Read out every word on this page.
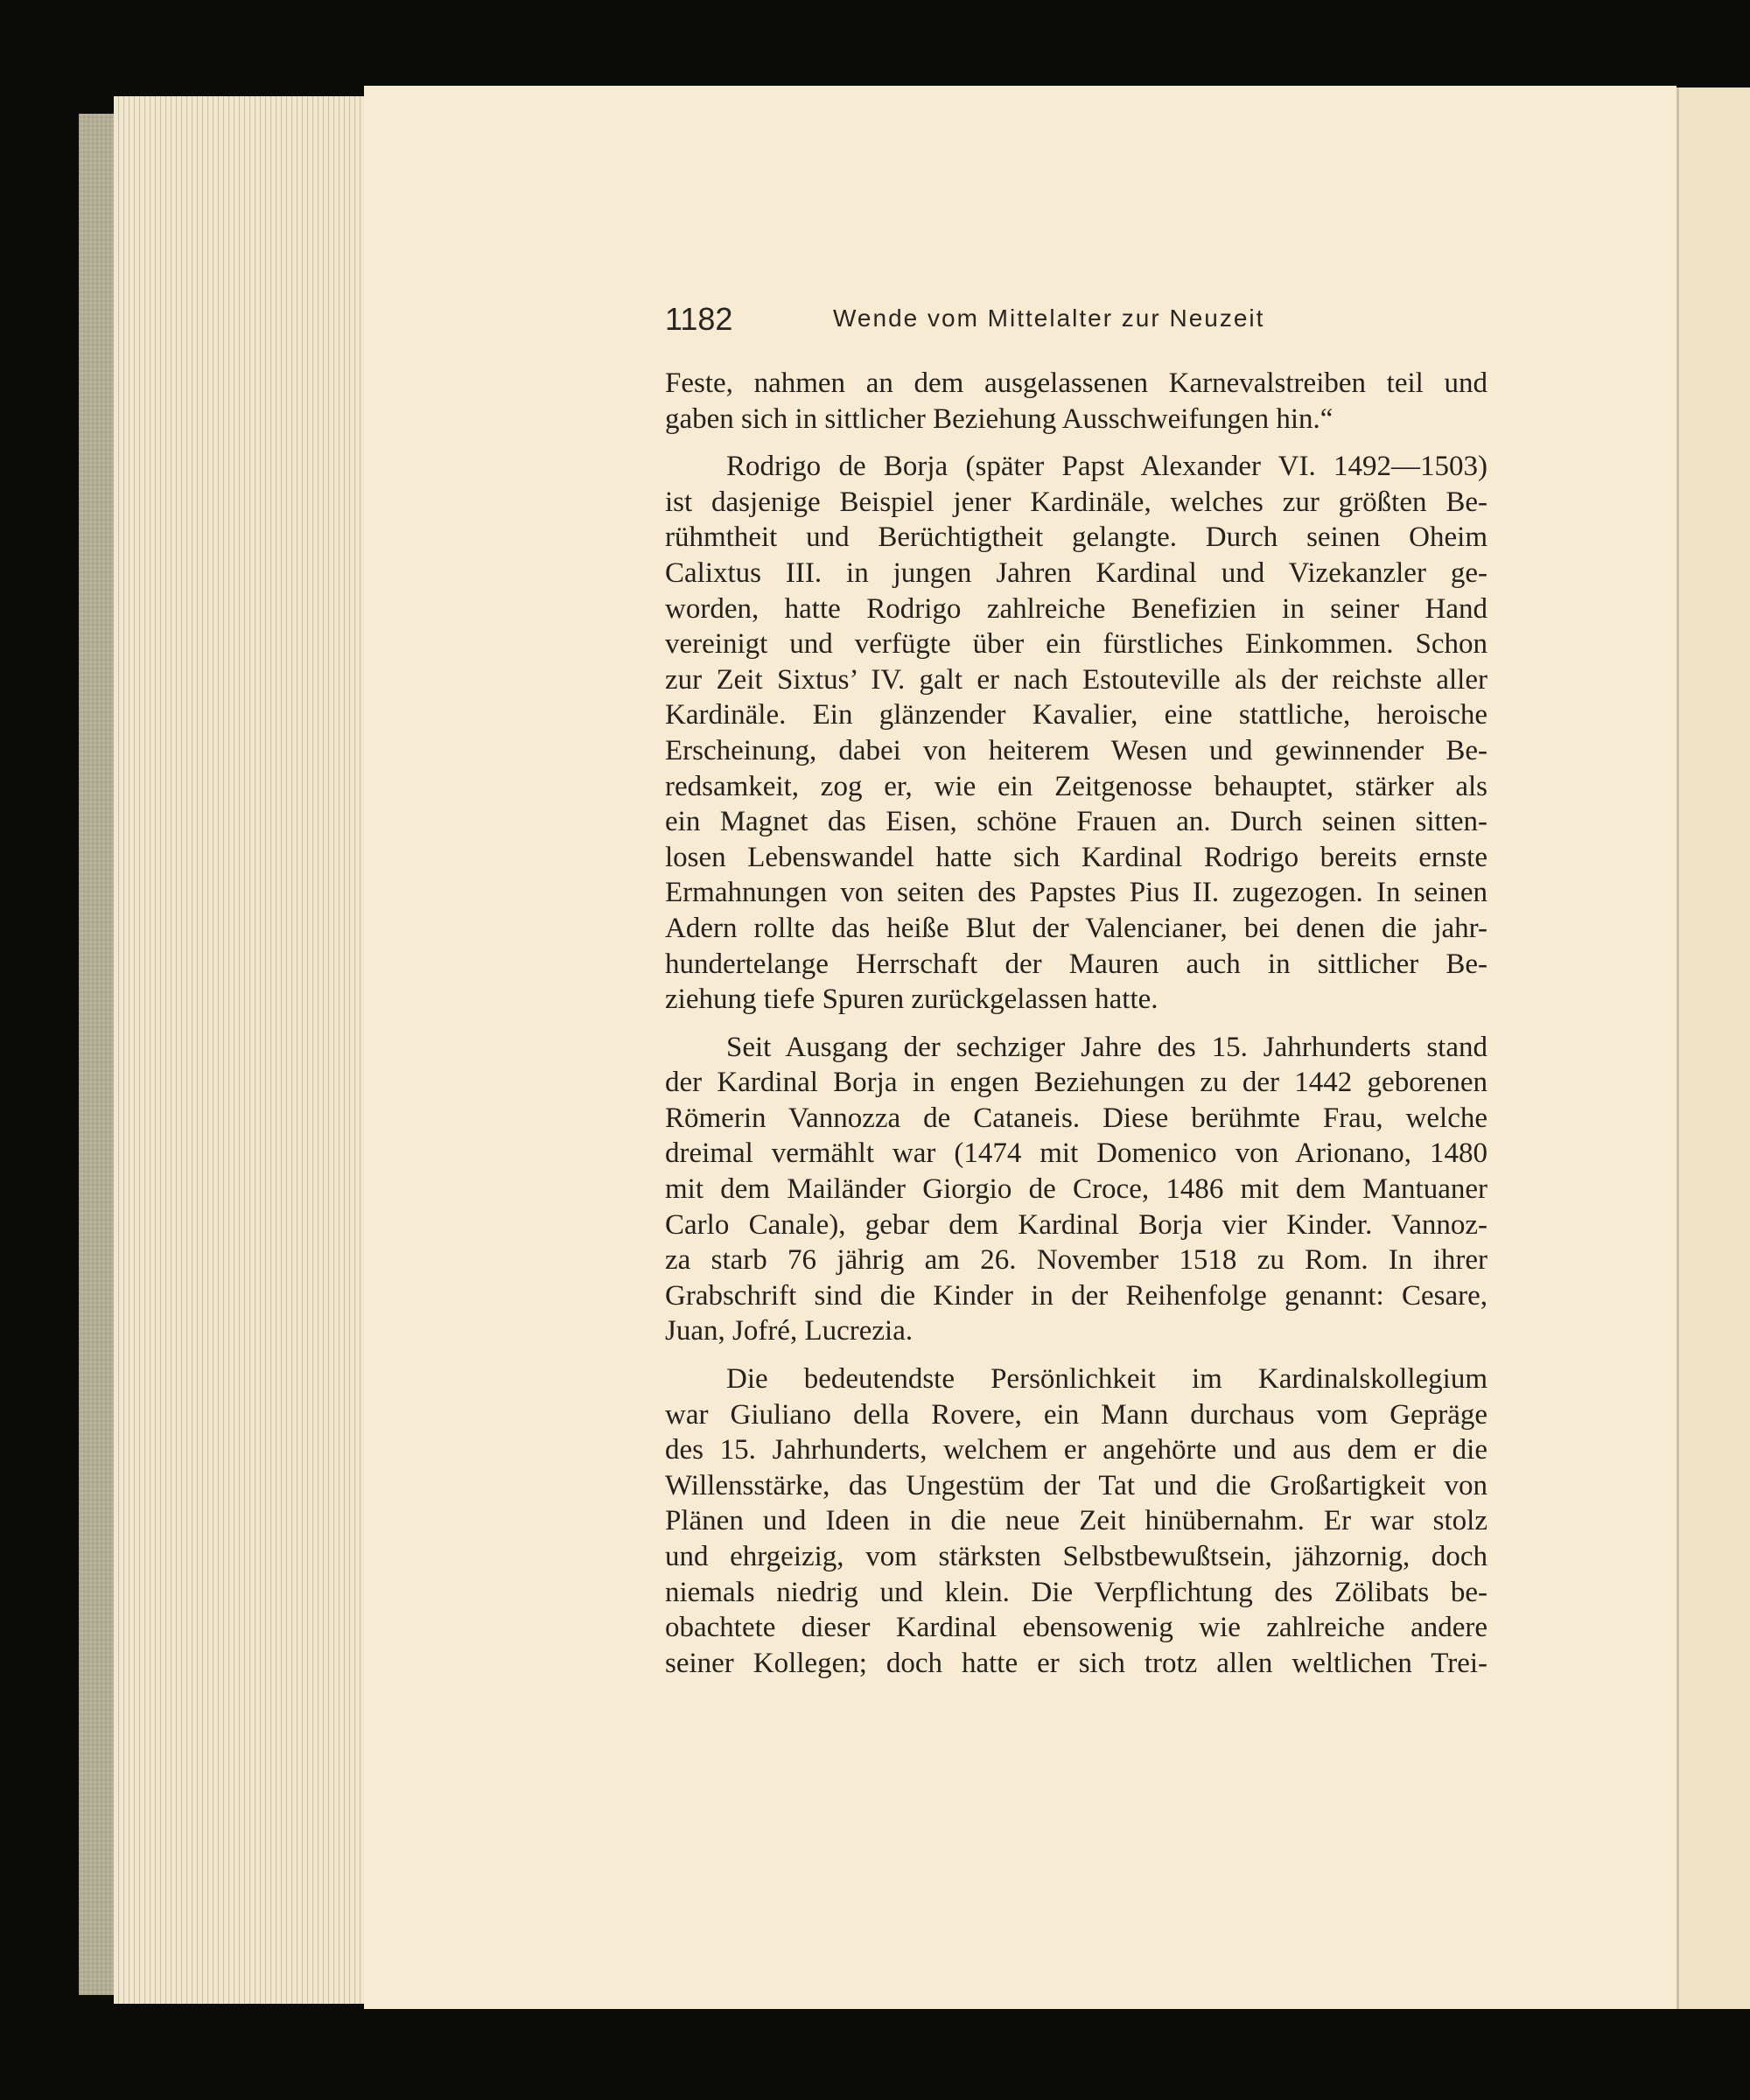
1182	Wende vom Mittelalter zur Neuzeit
Feste, nahmen an dem ausgelassenen Karnevalstreiben teil und
gaben sich in sittlicher Beziehung Ausschweifungen hin.“
Rodrigo de Borja (später Papst Alexander VI. 1492—1503)
ist dasjenige Beispiel jener Kardinäle, welches zur größten Be-
rühmtheit und Berüchtigtheit gelangte. Durch seinen Oheim
Calixtus III. in jungen Jahren Kardinal und Vizekanzler ge-
worden, hatte Rodrigo zahlreiche Benefizien in seiner Hand
vereinigt und verfügte über ein fürstliches Einkommen. Schon
zur Zeit Sixtus’ IV. galt er nach Estouteville als der reichste aller
Kardinäle. Ein glänzender Kavalier, eine stattliche, heroische
Erscheinung, dabei von heiterem Wesen und gewinnender Be-
redsamkeit, zog er, wie ein Zeitgenosse behauptet, stärker als
ein Magnet das Eisen, schöne Frauen an. Durch seinen sitten-
losen Lebenswandel hatte sich Kardinal Rodrigo bereits ernste
Ermahnungen von seiten des Papstes Pius II. zugezogen. In seinen
Adern rollte das heiße Blut der Valencianer, bei denen die jahr-
hundertelange Herrschaft der Mauren auch in sittlicher Be-
ziehung tiefe Spuren zurückgelassen hatte.
Seit Ausgang der sechziger Jahre des 15. Jahrhunderts stand
der Kardinal Borja in engen Beziehungen zu der 1442 geborenen
Römerin Vannozza de Cataneis. Diese berühmte Frau, welche
dreimal vermählt war (1474 mit Domenico von Arionano, 1480
mit dem Mailänder Giorgio de Croce, 1486 mit dem Mantuaner
Carlo Canale), gebar dem Kardinal Borja vier Kinder. Vannoz-
za starb 76 jährig am 26. November 1518 zu Rom. In ihrer
Grabschrift sind die Kinder in der Reihenfolge genannt: Cesare,
Juan, Jofré, Lucrezia.
Die bedeutendste Persönlichkeit im Kardinalskollegium
war Giuliano della Rovere, ein Mann durchaus vom Gepräge
des 15. Jahrhunderts, welchem er angehörte und aus dem er die
Willensstärke, das Ungestüm der Tat und die Großartigkeit von
Plänen und Ideen in die neue Zeit hinübernahm. Er war stolz
und ehrgeizig, vom stärksten Selbstbewußtsein, jähzornig, doch
niemals niedrig und klein. Die Verpflichtung des Zölibats be-
obachtete dieser Kardinal ebensowenig wie zahlreiche andere
seiner Kollegen; doch hatte er sich trotz allen weltlichen Trei-
